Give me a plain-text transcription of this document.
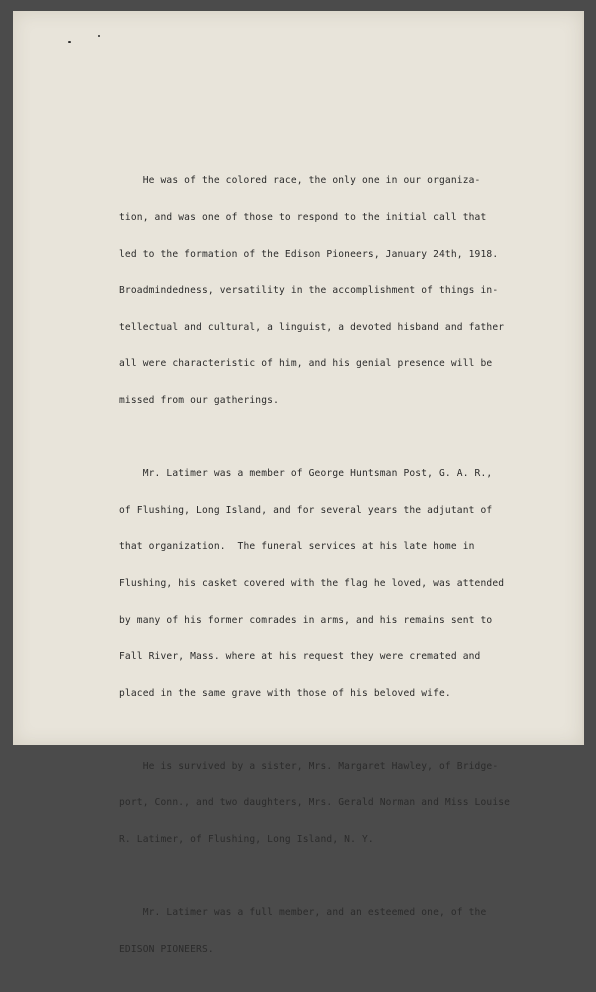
He was of the colored race, the only one in our organiza-

tion, and was one of those to respond to the initial call that

led to the formation of the Edison Pioneers, January 24th, 1918.

Broadmindedness, versatility in the accomplishment of things in-

tellectual and cultural, a linguist, a devoted hisband and father

all were characteristic of him, and his genial presence will be

missed from our gatherings.

Mr. Latimer was a member of George Huntsman Post, G. A. R.,

of Flushing, Long Island, and for several years the adjutant of

that organization.  The funeral services at his late home in

Flushing, his casket covered with the flag he loved, was attended

by many of his former comrades in arms, and his remains sent to

Fall River, Mass. where at his request they were cremated and

placed in the same grave with those of his beloved wife.

He is survived by a sister, Mrs. Margaret Hawley, of Bridge-

port, Conn., and two daughters, Mrs. Gerald Norman and Miss Louise

R. Latimer, of Flushing, Long Island, N. Y.

Mr. Latimer was a full member, and an esteemed one, of the

EDISON PIONEERS.
